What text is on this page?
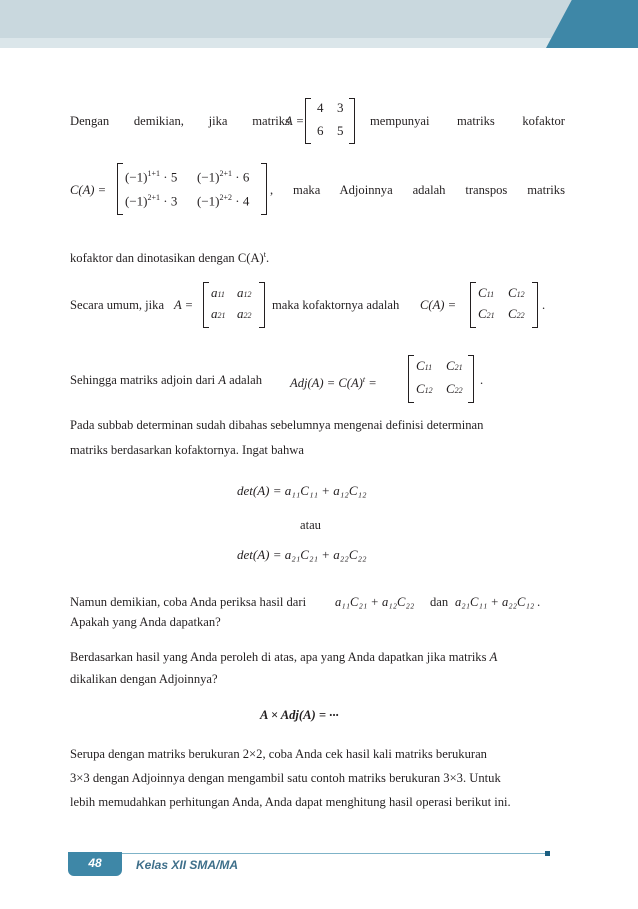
Dengan demikian, jika matriks
A =
4 3
6 5
mempunyai matriks kofaktor
C(A) =
$(-1)^{1+1} \cdot 5$ $(-1)^{2+1} \cdot 6$
$(-1)^{2+1} \cdot 3$ $(-1)^{2+2} \cdot 4$
, maka Adjoinnya adalah transpos matriks
kofaktor dan dinotasikan dengan $C(A)^t$.
Secara umum, jika A =
a11 a12
a21 a22
maka kofaktornya adalah	C(A) =
C11 C12
C21 C22
.
Sehingga matriks adjoin dari A adalah	$Adj(A) = C(A)^t$ =
C11 C21
C12 C22
.
Pada subbab determinan sudah dibahas sebelumnya mengenai definisi determinan
matriks berdasarkan kofaktornya. Ingat bahwa
det(A) = a₁₁C₁₁ + a₁₂C₁₂
atau
det(A) = a₂₁C₂₁ + a₂₂C₂₂
Namun demikian, coba Anda periksa hasil dari	a₁₁C₂₁ + a₁₂C₂₂	dan a₂₁C₁₁ + a₂₂C₁₂ .
Apakah yang Anda dapatkan?
Berdasarkan hasil yang Anda peroleh di atas, apa yang Anda dapatkan jika matriks A
dikalikan dengan Adjoinnya?
A × Adj(A) = ···
Serupa dengan matriks berukuran 2×2, coba Anda cek hasil kali matriks berukuran
3×3 dengan Adjoinnya dengan mengambil satu contoh matriks berukuran 3×3. Untuk
lebih memudahkan perhitungan Anda, Anda dapat menghitung hasil operasi berikut ini.
48	Kelas XII SMA/MA
